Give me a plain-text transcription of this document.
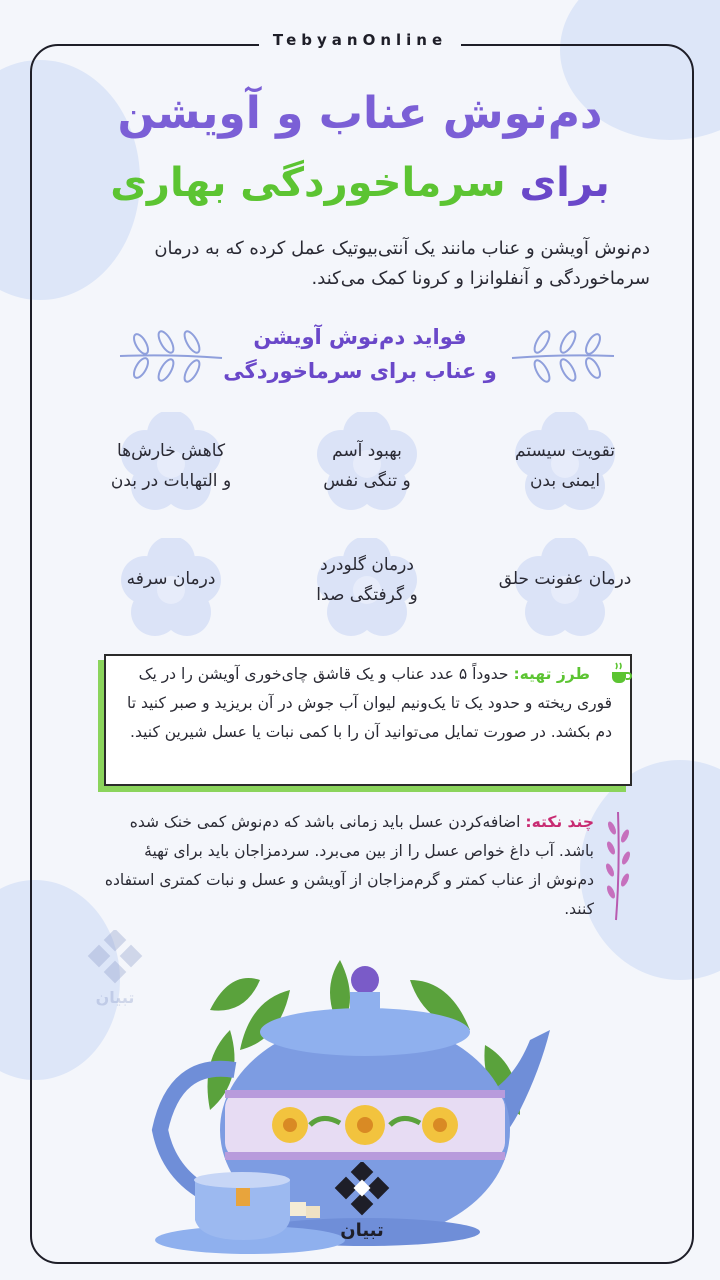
TebyanOnline
دم‌نوش عناب و آویشن
برای سرماخوردگی بهاری
دم‌نوش آویشن و عناب مانند یک آنتی‌بیوتیک عمل کرده که به درمان سرماخوردگی و آنفلوانزا و کرونا کمک می‌کند.
فواید دم‌نوش آویشن
و عناب برای سرماخوردگی
تقویت سیستم
ایمنی بدن
بهبود آسم
و تنگی نفس
کاهش خارش‌ها
و التهابات در بدن
درمان عفونت حلق
درمان گلودرد
و گرفتگی صدا
درمان سرفه
طرز تهیه: حدوداً ۵ عدد عناب و یک قاشق چای‌خوری آویشن را در یک قوری ریخته و حدود یک تا یک‌ونیم لیوان آب جوش در آن بریزید و صبر کنید تا دم بکشد. در صورت تمایل می‌توانید آن را با کمی نبات یا عسل شیرین کنید.
چند نکته: اضافه‌کردن عسل باید زمانی باشد که دم‌نوش کمی خنک شده باشد. آب داغ خواص عسل را از بین می‌برد. سردمزاجان باید برای تهیهٔ دم‌نوش از عناب کمتر و گرم‌مزاجان از آویشن و عسل و نبات کمتری استفاده کنند.
تبیان
تبیان
